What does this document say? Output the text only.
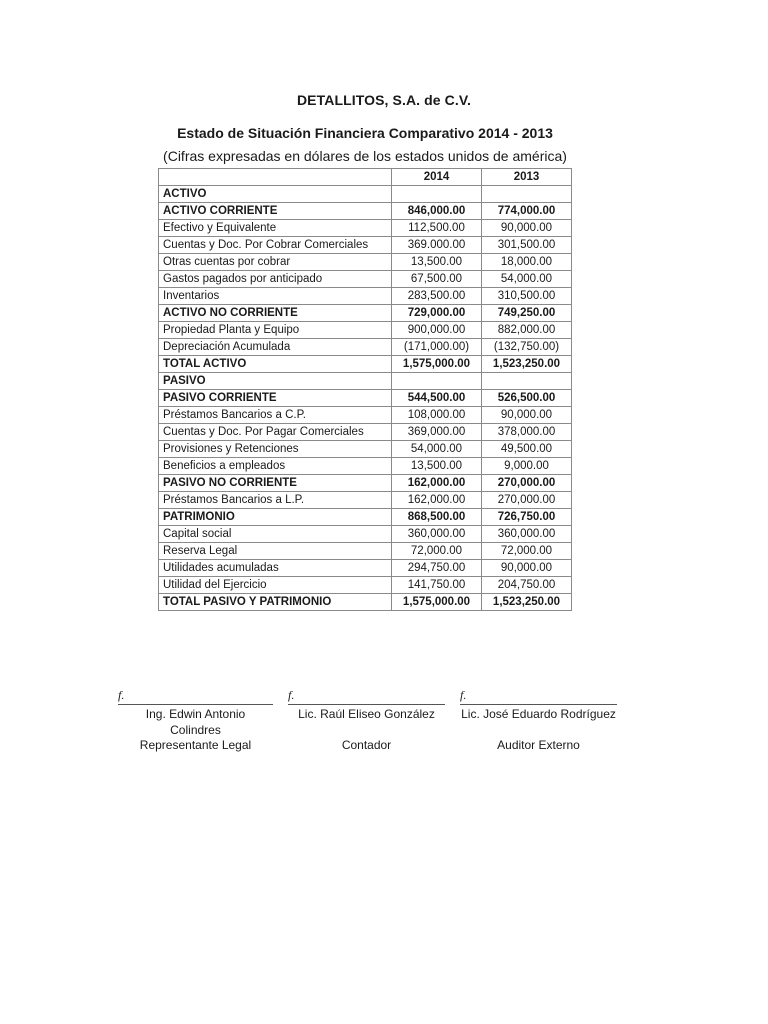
DETALLITOS, S.A. de C.V.
Estado de Situación Financiera Comparativo 2014 - 2013
(Cifras expresadas en dólares de los estados unidos de américa)
	2014	2013
ACTIVO		
ACTIVO CORRIENTE	846,000.00	774,000.00
Efectivo y Equivalente	112,500.00	90,000.00
Cuentas y Doc. Por Cobrar Comerciales	369.000.00	301,500.00
Otras cuentas por cobrar	13,500.00	18,000.00
Gastos pagados por anticipado	67,500.00	54,000.00
Inventarios	283,500.00	310,500.00
ACTIVO NO CORRIENTE	729,000.00	749,250.00
Propiedad Planta y Equipo	900,000.00	882,000.00
Depreciación Acumulada	(171,000.00)	(132,750.00)
TOTAL ACTIVO	1,575,000.00	1,523,250.00
PASIVO		
PASIVO CORRIENTE	544,500.00	526,500.00
Préstamos Bancarios a C.P.	108,000.00	90,000.00
Cuentas y Doc. Por Pagar Comerciales	369,000.00	378,000.00
Provisiones y Retenciones	54,000.00	49,500.00
Beneficios a empleados	13,500.00	9,000.00
PASIVO NO CORRIENTE	162,000.00	270,000.00
Préstamos Bancarios a L.P.	162,000.00	270,000.00
PATRIMONIO	868,500.00	726,750.00
Capital social	360,000.00	360,000.00
Reserva Legal	72,000.00	72,000.00
Utilidades acumuladas	294,750.00	90,000.00
Utilidad del Ejercicio	141,750.00	204,750.00
TOTAL PASIVO Y PATRIMONIO	1,575,000.00	1,523,250.00
f.
Ing. Edwin Antonio
Colindres
Representante Legal
f.
Lic. Raúl Eliseo González
Contador
f.
Lic. José Eduardo Rodríguez
Auditor Externo
